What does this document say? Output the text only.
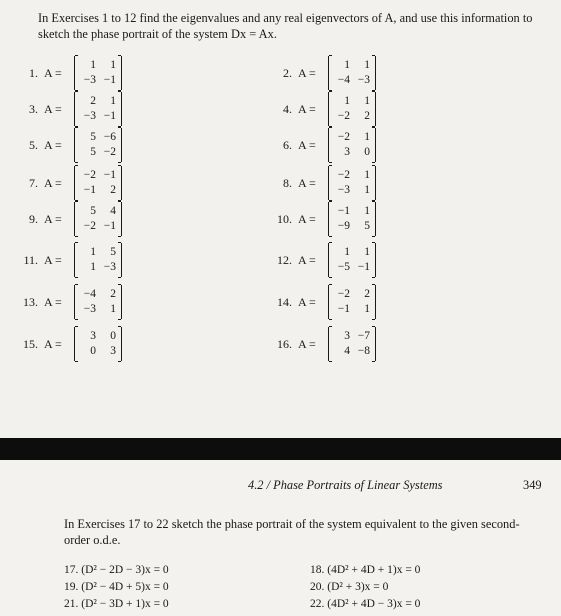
In Exercises 1 to 12 find the eigenvalues and any real eigenvectors of A, and use this information to sketch the phase portrait of the system Dx = Ax.

1. A =
1	1
−3	−1	2. A =
1	1
−4	−3
3. A =
2	1
−3	−1	4. A =
1	1
−2	2
5. A =
5	−6
5	−2	6. A =
−2	1
3	0
7. A =
−2	−1
−1	2	8. A =
−2	1
−3	1
9. A =
5	4
−2	−1	10. A =
−1	1
−9	5
11. A =
1	5
1	−3	12. A =
1	1
−5	−1
13. A =
−4	2
−3	1	14. A =
−2	2
−1	1
15. A =
3	0
0	3	16. A =
3	−7
4	−8
4.2 / Phase Portraits of Linear Systems	349

In Exercises 17 to 22 sketch the phase portrait of the system equivalent to the given second-order o.d.e.

17. (D² − 2D − 3)x = 0	18. (4D² + 4D + 1)x = 0
19. (D² − 4D + 5)x = 0	20. (D² + 3)x = 0
21. (D² − 3D + 1)x = 0	22. (4D² + 4D − 3)x = 0
